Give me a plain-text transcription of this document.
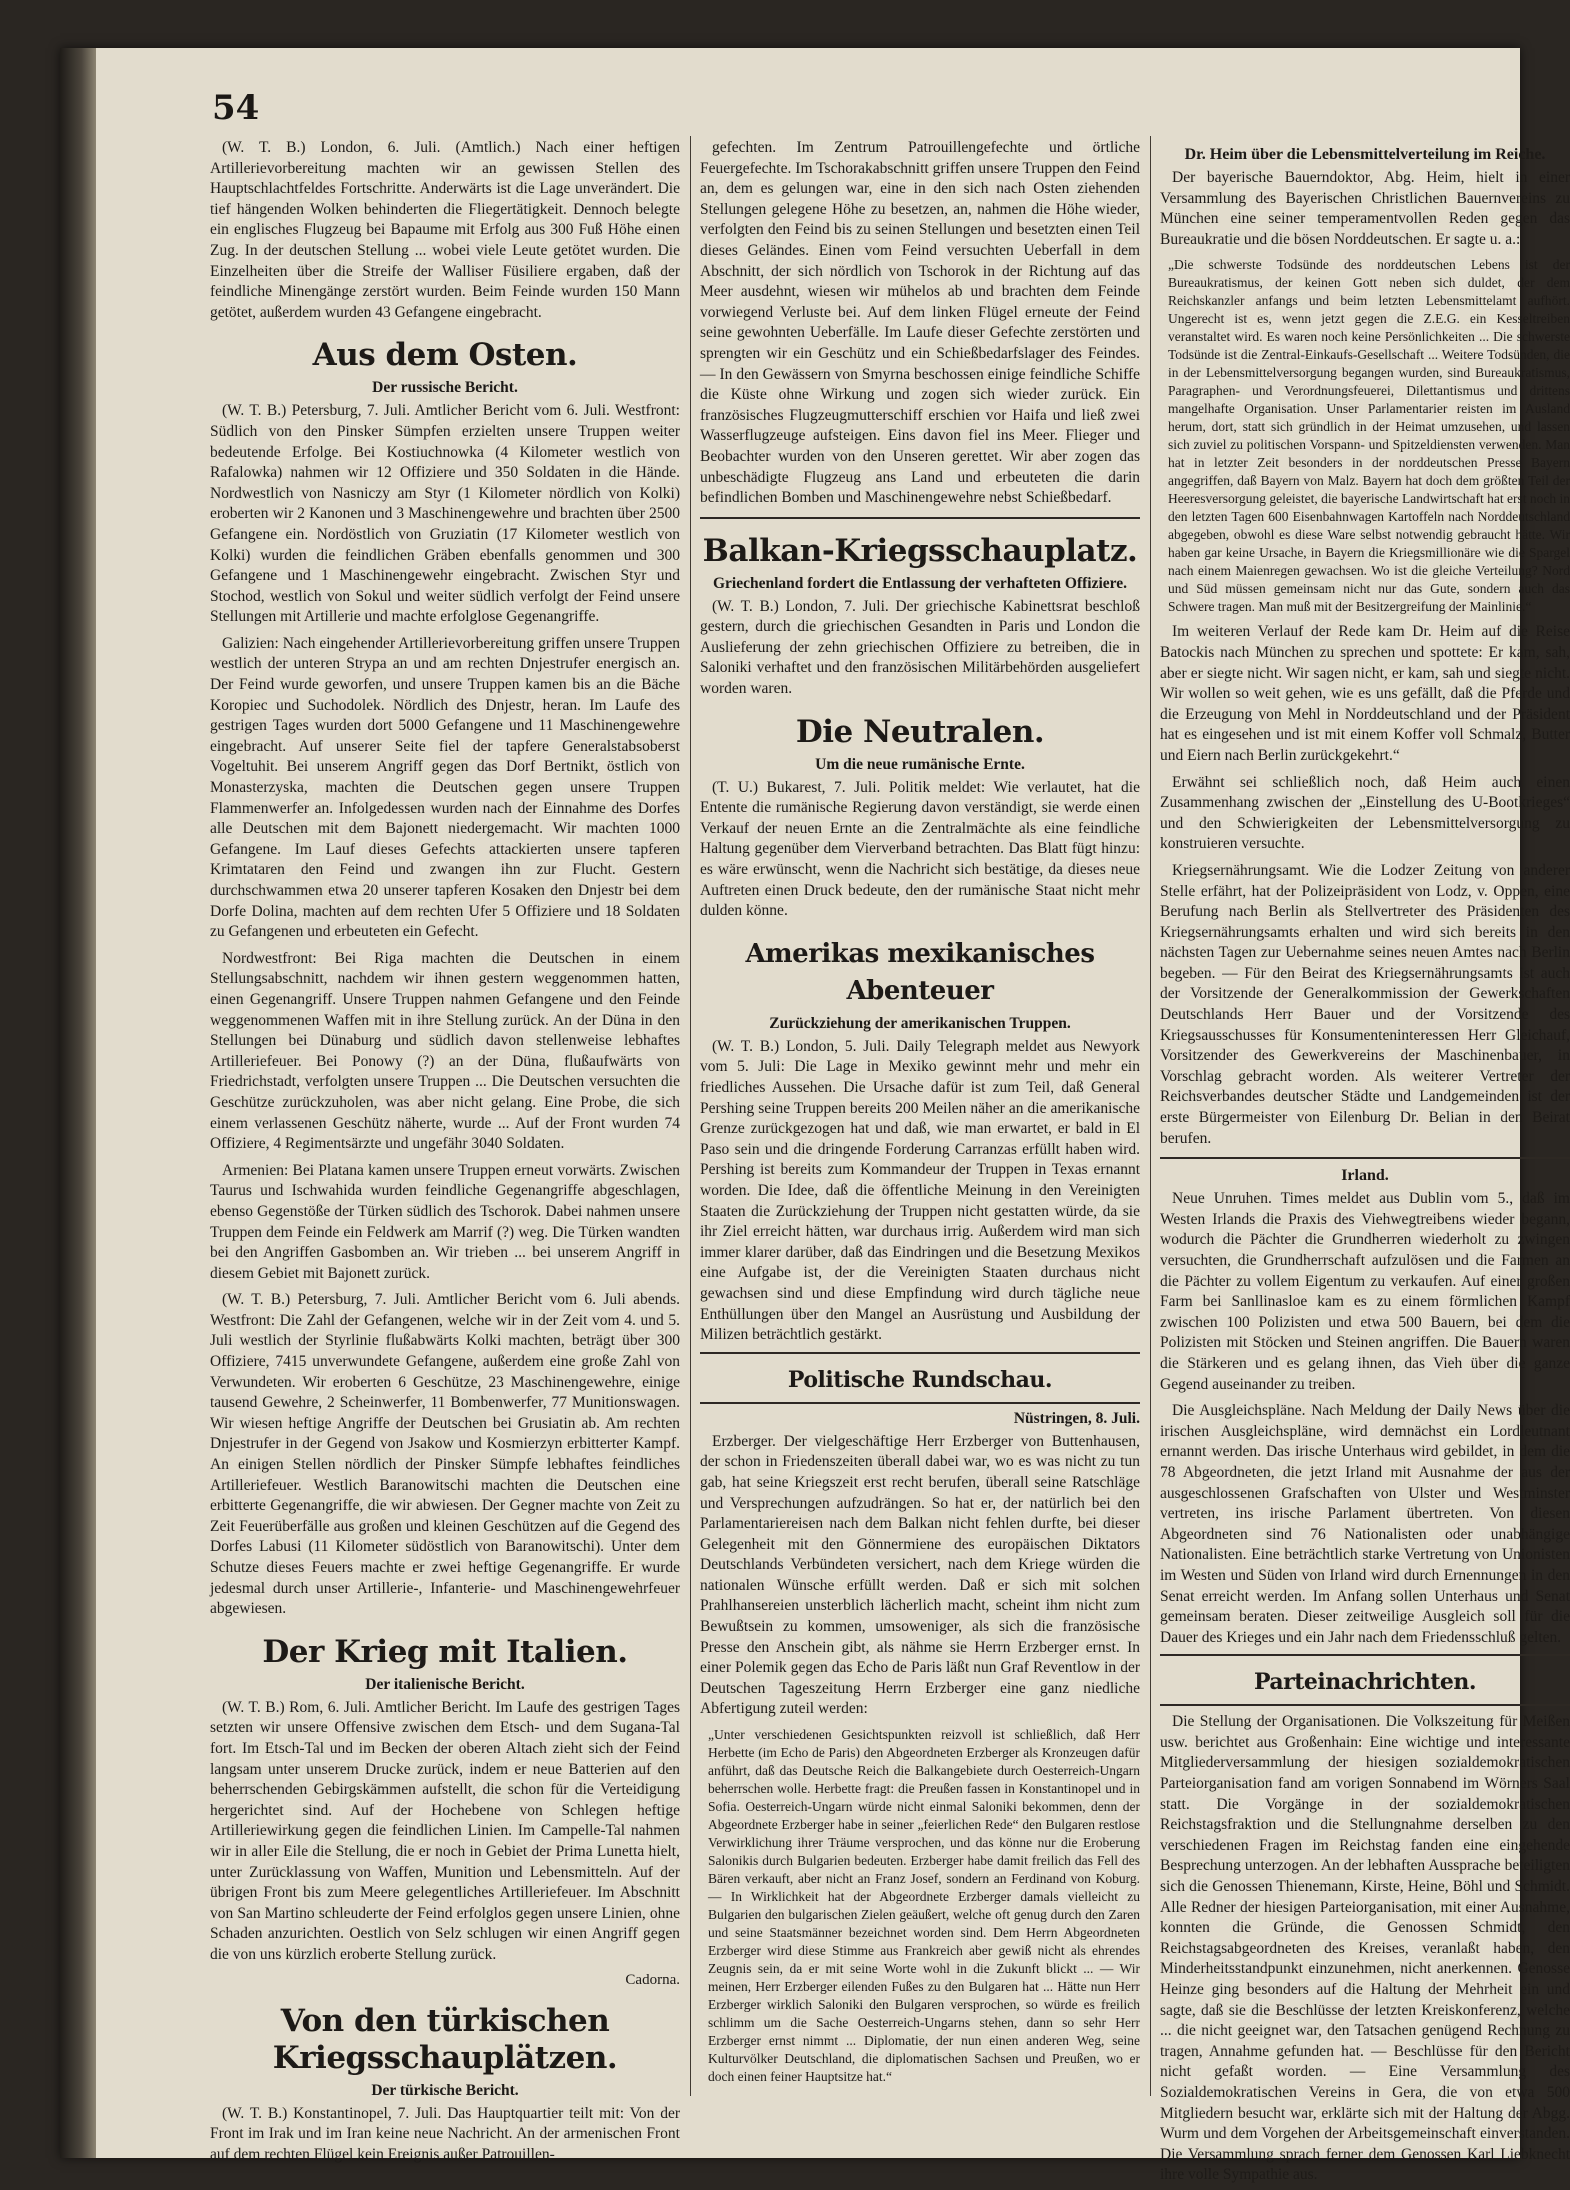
54

(W. T. B.) London, 6. Juli. (Amtlich.) Nach einer heftigen Artillerievorbereitung machten wir an gewissen Stellen des Hauptschlachtfeldes Fortschritte. Anderwärts ist die Lage unverändert. Die tief hängenden Wolken behinderten die Fliegertätigkeit. Dennoch belegte ein englisches Flugzeug bei Bapaume mit Erfolg aus 300 Fuß Höhe einen Zug. In der deutschen Stellung ... wobei viele Leute getötet wurden. Die Einzelheiten über die Streife der Walliser Füsiliere ergaben, daß der feindliche Minengänge zerstört wurden. Beim Feinde wurden 150 Mann getötet, außerdem wurden 43 Gefangene eingebracht.

Aus dem Osten.
Der russische Bericht.

(W. T. B.) Petersburg, 7. Juli. Amtlicher Bericht vom 6. Juli. Westfront: Südlich von den Pinsker Sümpfen erzielten unsere Truppen weiter bedeutende Erfolge. Bei Kostiuchnowka (4 Kilometer westlich von Rafalowka) nahmen wir 12 Offiziere und 350 Soldaten in die Hände. Nordwestlich von Nasniczy am Styr (1 Kilometer nördlich von Kolki) eroberten wir 2 Kanonen und 3 Maschinengewehre und brachten über 2500 Gefangene ein. Nordöstlich von Gruziatin (17 Kilometer westlich von Kolki) wurden die feindlichen Gräben ebenfalls genommen und 300 Gefangene und 1 Maschinengewehr eingebracht. Zwischen Styr und Stochod, westlich von Sokul und weiter südlich verfolgt der Feind unsere Stellungen mit Artillerie und machte erfolglose Gegenangriffe.

Galizien: Nach eingehender Artillerievorbereitung griffen unsere Truppen westlich der unteren Strypa an und am rechten Dnjestrufer energisch an. Der Feind wurde geworfen, und unsere Truppen kamen bis an die Bäche Koropiec und Suchodolek. Nördlich des Dnjestr, heran. Im Laufe des gestrigen Tages wurden dort 5000 Gefangene und 11 Maschinengewehre eingebracht. Auf unserer Seite fiel der tapfere Generalstabsoberst Vogeltuhit. Bei unserem Angriff gegen das Dorf Bertnikt, östlich von Monasterzyska, machten die Deutschen gegen unsere Truppen Flammenwerfer an. Infolgedessen wurden nach der Einnahme des Dorfes alle Deutschen mit dem Bajonett niedergemacht. Wir machten 1000 Gefangene. Im Lauf dieses Gefechts attackierten unsere tapferen Krimtataren den Feind und zwangen ihn zur Flucht. Gestern durchschwammen etwa 20 unserer tapferen Kosaken den Dnjestr bei dem Dorfe Dolina, machten auf dem rechten Ufer 5 Offiziere und 18 Soldaten zu Gefangenen und erbeuteten ein Gefecht.

Nordwestfront: Bei Riga machten die Deutschen in einem Stellungsabschnitt, nachdem wir ihnen gestern weggenommen hatten, einen Gegenangriff. Unsere Truppen nahmen Gefangene und den Feinde weggenommenen Waffen mit in ihre Stellung zurück. An der Düna in den Stellungen bei Dünaburg und südlich davon stellenweise lebhaftes Artilleriefeuer. Bei Ponowy (?) an der Düna, flußaufwärts von Friedrichstadt, verfolgten unsere Truppen ... Die Deutschen versuchten die Geschütze zurückzuholen, was aber nicht gelang. Eine Probe, die sich einem verlassenen Geschütz näherte, wurde ... Auf der Front wurden 74 Offiziere, 4 Regimentsärzte und ungefähr 3040 Soldaten.

Armenien: Bei Platana kamen unsere Truppen erneut vorwärts. Zwischen Taurus und Ischwahida wurden feindliche Gegenangriffe abgeschlagen, ebenso Gegenstöße der Türken südlich des Tschorok. Dabei nahmen unsere Truppen dem Feinde ein Feldwerk am Marrif (?) weg. Die Türken wandten bei den Angriffen Gasbomben an. Wir trieben ... bei unserem Angriff in diesem Gebiet mit Bajonett zurück.

(W. T. B.) Petersburg, 7. Juli. Amtlicher Bericht vom 6. Juli abends. Westfront: Die Zahl der Gefangenen, welche wir in der Zeit vom 4. und 5. Juli westlich der Styrlinie flußabwärts Kolki machten, beträgt über 300 Offiziere, 7415 unverwundete Gefangene, außerdem eine große Zahl von Verwundeten. Wir eroberten 6 Geschütze, 23 Maschinengewehre, einige tausend Gewehre, 2 Scheinwerfer, 11 Bombenwerfer, 77 Munitionswagen. Wir wiesen heftige Angriffe der Deutschen bei Grusiatin ab. Am rechten Dnjestrufer in der Gegend von Jsakow und Kosmierzyn erbitterter Kampf. An einigen Stellen nördlich der Pinsker Sümpfe lebhaftes feindliches Artilleriefeuer. Westlich Baranowitschi machten die Deutschen eine erbitterte Gegenangriffe, die wir abwiesen. Der Gegner machte von Zeit zu Zeit Feuerüberfälle aus großen und kleinen Geschützen auf die Gegend des Dorfes Labusi (11 Kilometer südöstlich von Baranowitschi). Unter dem Schutze dieses Feuers machte er zwei heftige Gegenangriffe. Er wurde jedesmal durch unser Artillerie-, Infanterie- und Maschinengewehrfeuer abgewiesen.

Der Krieg mit Italien.
Der italienische Bericht.

(W. T. B.) Rom, 6. Juli. Amtlicher Bericht. Im Laufe des gestrigen Tages setzten wir unsere Offensive zwischen dem Etsch- und dem Sugana-Tal fort. Im Etsch-Tal und im Becken der oberen Altach zieht sich der Feind langsam unter unserem Drucke zurück, indem er neue Batterien auf den beherrschenden Gebirgskämmen aufstellt, die schon für die Verteidigung hergerichtet sind. Auf der Hochebene von Schlegen heftige Artilleriewirkung gegen die feindlichen Linien. Im Campelle-Tal nahmen wir in aller Eile die Stellung, die er noch in Gebiet der Prima Lunetta hielt, unter Zurücklassung von Waffen, Munition und Lebensmitteln. Auf der übrigen Front bis zum Meere gelegentliches Artilleriefeuer. Im Abschnitt von San Martino schleuderte der Feind erfolglos gegen unsere Linien, ohne Schaden anzurichten. Oestlich von Selz schlugen wir einen Angriff gegen die von uns kürzlich eroberte Stellung zurück.

Cadorna.
Von den türkischen Kriegsschauplätzen.
Der türkische Bericht.

(W. T. B.) Konstantinopel, 7. Juli. Das Hauptquartier teilt mit: Von der Front im Irak und im Iran keine neue Nachricht. An der armenischen Front auf dem rechten Flügel kein Ereignis außer Patrouillen-

gefechten. Im Zentrum Patrouillengefechte und örtliche Feuergefechte. Im Tschorakabschnitt griffen unsere Truppen den Feind an, dem es gelungen war, eine in den sich nach Osten ziehenden Stellungen gelegene Höhe zu besetzen, an, nahmen die Höhe wieder, verfolgten den Feind bis zu seinen Stellungen und besetzten einen Teil dieses Geländes. Einen vom Feind versuchten Ueberfall in dem Abschnitt, der sich nördlich von Tschorok in der Richtung auf das Meer ausdehnt, wiesen wir mühelos ab und brachten dem Feinde vorwiegend Verluste bei. Auf dem linken Flügel erneute der Feind seine gewohnten Ueberfälle. Im Laufe dieser Gefechte zerstörten und sprengten wir ein Geschütz und ein Schießbedarfslager des Feindes. — In den Gewässern von Smyrna beschossen einige feindliche Schiffe die Küste ohne Wirkung und zogen sich wieder zurück. Ein französisches Flugzeugmutterschiff erschien vor Haifa und ließ zwei Wasserflugzeuge aufsteigen. Eins davon fiel ins Meer. Flieger und Beobachter wurden von den Unseren gerettet. Wir aber zogen das unbeschädigte Flugzeug ans Land und erbeuteten die darin befindlichen Bomben und Maschinengewehre nebst Schießbedarf.

Balkan-Kriegsschauplatz.
Griechenland fordert die Entlassung der verhafteten Offiziere.

(W. T. B.) London, 7. Juli. Der griechische Kabinettsrat beschloß gestern, durch die griechischen Gesandten in Paris und London die Auslieferung der zehn griechischen Offiziere zu betreiben, die in Saloniki verhaftet und den französischen Militärbehörden ausgeliefert worden waren.

Die Neutralen.
Um die neue rumänische Ernte.

(T. U.) Bukarest, 7. Juli. Politik meldet: Wie verlautet, hat die Entente die rumänische Regierung davon verständigt, sie werde einen Verkauf der neuen Ernte an die Zentralmächte als eine feindliche Haltung gegenüber dem Vierverband betrachten. Das Blatt fügt hinzu: es wäre erwünscht, wenn die Nachricht sich bestätige, da dieses neue Auftreten einen Druck bedeute, den der rumänische Staat nicht mehr dulden könne.

Amerikas mexikanisches Abenteuer
Zurückziehung der amerikanischen Truppen.

(W. T. B.) London, 5. Juli. Daily Telegraph meldet aus Newyork vom 5. Juli: Die Lage in Mexiko gewinnt mehr und mehr ein friedliches Aussehen. Die Ursache dafür ist zum Teil, daß General Pershing seine Truppen bereits 200 Meilen näher an die amerikanische Grenze zurückgezogen hat und daß, wie man erwartet, er bald in El Paso sein und die dringende Forderung Carranzas erfüllt haben wird. Pershing ist bereits zum Kommandeur der Truppen in Texas ernannt worden. Die Idee, daß die öffentliche Meinung in den Vereinigten Staaten die Zurückziehung der Truppen nicht gestatten würde, da sie ihr Ziel erreicht hätten, war durchaus irrig. Außerdem wird man sich immer klarer darüber, daß das Eindringen und die Besetzung Mexikos eine Aufgabe ist, der die Vereinigten Staaten durchaus nicht gewachsen sind und diese Empfindung wird durch tägliche neue Enthüllungen über den Mangel an Ausrüstung und Ausbildung der Milizen beträchtlich gestärkt.

Politische Rundschau.
Nüstringen, 8. Juli.

Erzberger. Der vielgeschäftige Herr Erzberger von Buttenhausen, der schon in Friedenszeiten überall dabei war, wo es was nicht zu tun gab, hat seine Kriegszeit erst recht berufen, überall seine Ratschläge und Versprechungen aufzudrängen. So hat er, der natürlich bei den Parlamentariereisen nach dem Balkan nicht fehlen durfte, bei dieser Gelegenheit mit den Gönnermiene des europäischen Diktators Deutschlands Verbündeten versichert, nach dem Kriege würden die nationalen Wünsche erfüllt werden. Daß er sich mit solchen Prahlhansereien unsterblich lächerlich macht, scheint ihm nicht zum Bewußtsein zu kommen, umsoweniger, als sich die französische Presse den Anschein gibt, als nähme sie Herrn Erzberger ernst. In einer Polemik gegen das Echo de Paris läßt nun Graf Reventlow in der Deutschen Tageszeitung Herrn Erzberger eine ganz niedliche Abfertigung zuteil werden:

„Unter verschiedenen Gesichtspunkten reizvoll ist schließlich, daß Herr Herbette (im Echo de Paris) den Abgeordneten Erzberger als Kronzeugen dafür anführt, daß das Deutsche Reich die Balkangebiete durch Oesterreich-Ungarn beherrschen wolle. Herbette fragt: die Preußen fassen in Konstantinopel und in Sofia. Oesterreich-Ungarn würde nicht einmal Saloniki bekommen, denn der Abgeordnete Erzberger habe in seiner „feierlichen Rede“ den Bulgaren restlose Verwirklichung ihrer Träume versprochen, und das könne nur die Eroberung Salonikis durch Bulgarien bedeuten. Erzberger habe damit freilich das Fell des Bären verkauft, aber nicht an Franz Josef, sondern an Ferdinand von Koburg. — In Wirklichkeit hat der Abgeordnete Erzberger damals vielleicht zu Bulgarien den bulgarischen Zielen geäußert, welche oft genug durch den Zaren und seine Staatsmänner bezeichnet worden sind. Dem Herrn Abgeordneten Erzberger wird diese Stimme aus Frankreich aber gewiß nicht als ehrendes Zeugnis sein, da er mit seine Worte wohl in die Zukunft blickt ... — Wir meinen, Herr Erzberger eilenden Fußes zu den Bulgaren hat ... Hätte nun Herr Erzberger wirklich Saloniki den Bulgaren versprochen, so würde es freilich schlimm um die Sache Oesterreich-Ungarns stehen, dann so sehr Herr Erzberger ernst nimmt ... Diplomatie, der nun einen anderen Weg, seine Kulturvölker Deutschland, die diplomatischen Sachsen und Preußen, wo er doch einen feiner Hauptsitze hat.“

Dr. Heim über die Lebensmittelverteilung im Reiche.

Der bayerische Bauerndoktor, Abg. Heim, hielt in einer Versammlung des Bayerischen Christlichen Bauernvereins zu München eine seiner temperamentvollen Reden gegen das Bureaukratie und die bösen Norddeutschen. Er sagte u. a.:

„Die schwerste Todsünde des norddeutschen Lebens ist der Bureaukratismus, der keinen Gott neben sich duldet, der dem Reichskanzler anfangs und beim letzten Lebensmittelamt aufhört. Ungerecht ist es, wenn jetzt gegen die Z.E.G. ein Kesseltreiben veranstaltet wird. Es waren noch keine Persönlichkeiten ... Die schwerste Todsünde ist die Zentral-Einkaufs-Gesellschaft ... Weitere Todsünden, die in der Lebensmittelversorgung begangen wurden, sind Bureaukratismus, Paragraphen- und Verordnungsfeuerei, Dilettantismus und drittens mangelhafte Organisation. Unser Parlamentarier reisten im Ausland herum, dort, statt sich gründlich in der Heimat umzusehen, und lassen sich zuviel zu politischen Vorspann- und Spitzeldiensten verwenden. Man hat in letzter Zeit besonders in der norddeutschen Presse Bayern angegriffen, daß Bayern von Malz. Bayern hat doch dem größten Teil der Heeresversorgung geleistet, die bayerische Landwirtschaft hat erst noch in den letzten Tagen 600 Eisenbahnwagen Kartoffeln nach Norddeutschland abgegeben, obwohl es diese Ware selbst notwendig gebraucht hätte. Wir haben gar keine Ursache, in Bayern die Kriegsmillionäre wie die Spargel nach einem Maienregen gewachsen. Wo ist die gleiche Verteilung? Nord und Süd müssen gemeinsam nicht nur das Gute, sondern auch das Schwere tragen. Man muß mit der Besitzergreifung der Mainlinie.“

Im weiteren Verlauf der Rede kam Dr. Heim auf die Reise Batockis nach München zu sprechen und spottete: Er kam, sah, aber er siegte nicht. Wir sagen nicht, er kam, sah und siegte nicht. Wir wollen so weit gehen, wie es uns gefällt, daß die Pferde und die Erzeugung von Mehl in Norddeutschland und der Präsident hat es eingesehen und ist mit einem Koffer voll Schmalz, Butter und Eiern nach Berlin zurückgekehrt.“

Erwähnt sei schließlich noch, daß Heim auch einen Zusammenhang zwischen der „Einstellung des U-Bootkrieges“ und den Schwierigkeiten der Lebensmittelversorgung zu konstruieren versuchte.

Kriegsernährungsamt. Wie die Lodzer Zeitung von anderer Stelle erfährt, hat der Polizeipräsident von Lodz, v. Oppen, eine Berufung nach Berlin als Stellvertreter des Präsidenten des Kriegsernährungsamts erhalten und wird sich bereits in den nächsten Tagen zur Uebernahme seines neuen Amtes nach Berlin begeben. — Für den Beirat des Kriegsernährungsamts ist auch der Vorsitzende der Generalkommission der Gewerkschaften Deutschlands Herr Bauer und der Vorsitzende des Kriegsausschusses für Konsumenteninteressen Herr Gleichauf, Vorsitzender des Gewerkvereins der Maschinenbauer, in Vorschlag gebracht worden. Als weiterer Vertreter der Reichsverbandes deutscher Städte und Landgemeinden ist der erste Bürgermeister von Eilenburg Dr. Belian in den Beirat berufen.

Irland.

Neue Unruhen. Times meldet aus Dublin vom 5., daß im Westen Irlands die Praxis des Viehwegtreibens wieder begann, wodurch die Pächter die Grundherren wiederholt zu zwingen versuchten, die Grundherrschaft aufzulösen und die Farmen an die Pächter zu vollem Eigentum zu verkaufen. Auf einer großen Farm bei Sanllinasloe kam es zu einem förmlichen Kampf zwischen 100 Polizisten und etwa 500 Bauern, bei dem die Polizisten mit Stöcken und Steinen angriffen. Die Bauern waren die Stärkeren und es gelang ihnen, das Vieh über die ganze Gegend auseinander zu treiben.

Die Ausgleichspläne. Nach Meldung der Daily News über die irischen Ausgleichspläne, wird demnächst ein Lordleutnant ernannt werden. Das irische Unterhaus wird gebildet, in dem die 78 Abgeordneten, die jetzt Irland mit Ausnahme der aus der ausgeschlossenen Grafschaften von Ulster und Westminster vertreten, ins irische Parlament übertreten. Von diesen Abgeordneten sind 76 Nationalisten oder unabhängige Nationalisten. Eine beträchtlich starke Vertretung von Unionisten im Westen und Süden von Irland wird durch Ernennungen in den Senat erreicht werden. Im Anfang sollen Unterhaus und Senat gemeinsam beraten. Dieser zeitweilige Ausgleich soll für die Dauer des Krieges und ein Jahr nach dem Friedensschluß gelten.

Parteinachrichten.

Die Stellung der Organisationen. Die Volkszeitung für Meißen usw. berichtet aus Großenhain: Eine wichtige und interessante Mitgliederversammlung der hiesigen sozialdemokratischen Parteiorganisation fand am vorigen Sonnabend im Wörners Saal statt. Die Vorgänge in der sozialdemokratischen Reichstagsfraktion und die Stellungnahme derselben zu den verschiedenen Fragen im Reichstag fanden eine eingehende Besprechung unterzogen. An der lebhaften Aussprache beteiligten sich die Genossen Thienemann, Kirste, Heine, Böhl und Schmidt. Alle Redner der hiesigen Parteiorganisation, mit einer Ausnahme, konnten die Gründe, die Genossen Schmidt, den Reichstagsabgeordneten des Kreises, veranlaßt haben, den Minderheitsstandpunkt einzunehmen, nicht anerkennen. Genosse Heinze ging besonders auf die Haltung der Mehrheit ein und sagte, daß sie die Beschlüsse der letzten Kreiskonferenz, welche ... die nicht geeignet war, den Tatsachen genügend Rechnung zu tragen, Annahme gefunden hat. — Beschlüsse für den Bericht nicht gefaßt worden. — Eine Versammlung des Sozialdemokratischen Vereins in Gera, die von etwa 500 Mitgliedern besucht war, erklärte sich mit der Haltung der Abgg. Wurm und dem Vorgehen der Arbeitsgemeinschaft einverstanden. Die Versammlung sprach ferner dem Genossen Karl Liebknecht ihre volle Sympathie aus.
